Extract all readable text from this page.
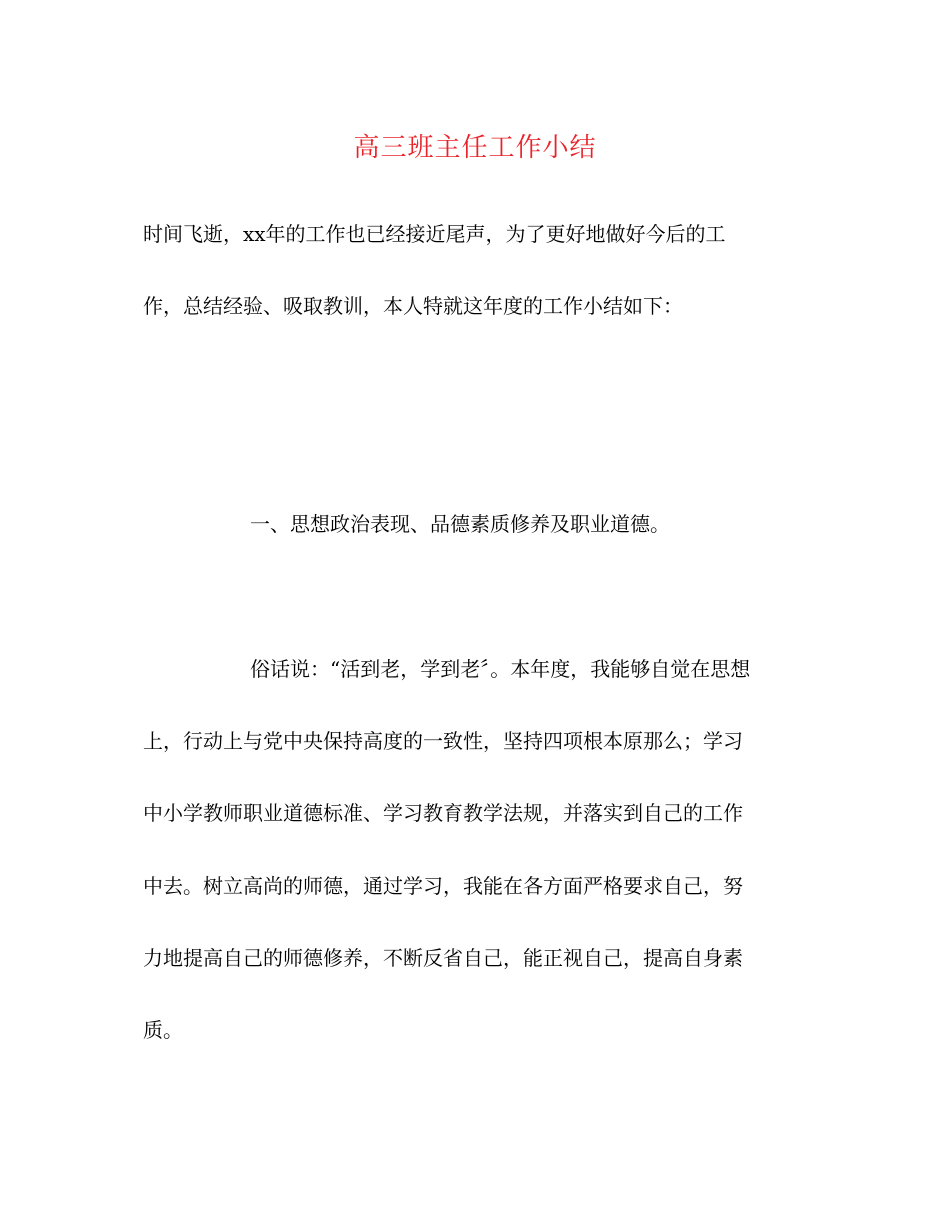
高三班主任工作小结
时间飞逝，xx年的工作也已经接近尾声，为了更好地做好今后的工
作，总结经验、吸取教训，本人特就这年度的工作小结如下：
一、思想政治表现、品德素质修养及职业道德。
俗话说：“活到老，学到老〞。本年度，我能够自觉在思想
上，行动上与党中央保持高度的一致性，坚持四项根本原那么；学习
中小学教师职业道德标准、学习教育教学法规，并落实到自己的工作
中去。树立高尚的师德，通过学习，我能在各方面严格要求自己，努
力地提高自己的师德修养，不断反省自己，能正视自己，提高自身素
质。
